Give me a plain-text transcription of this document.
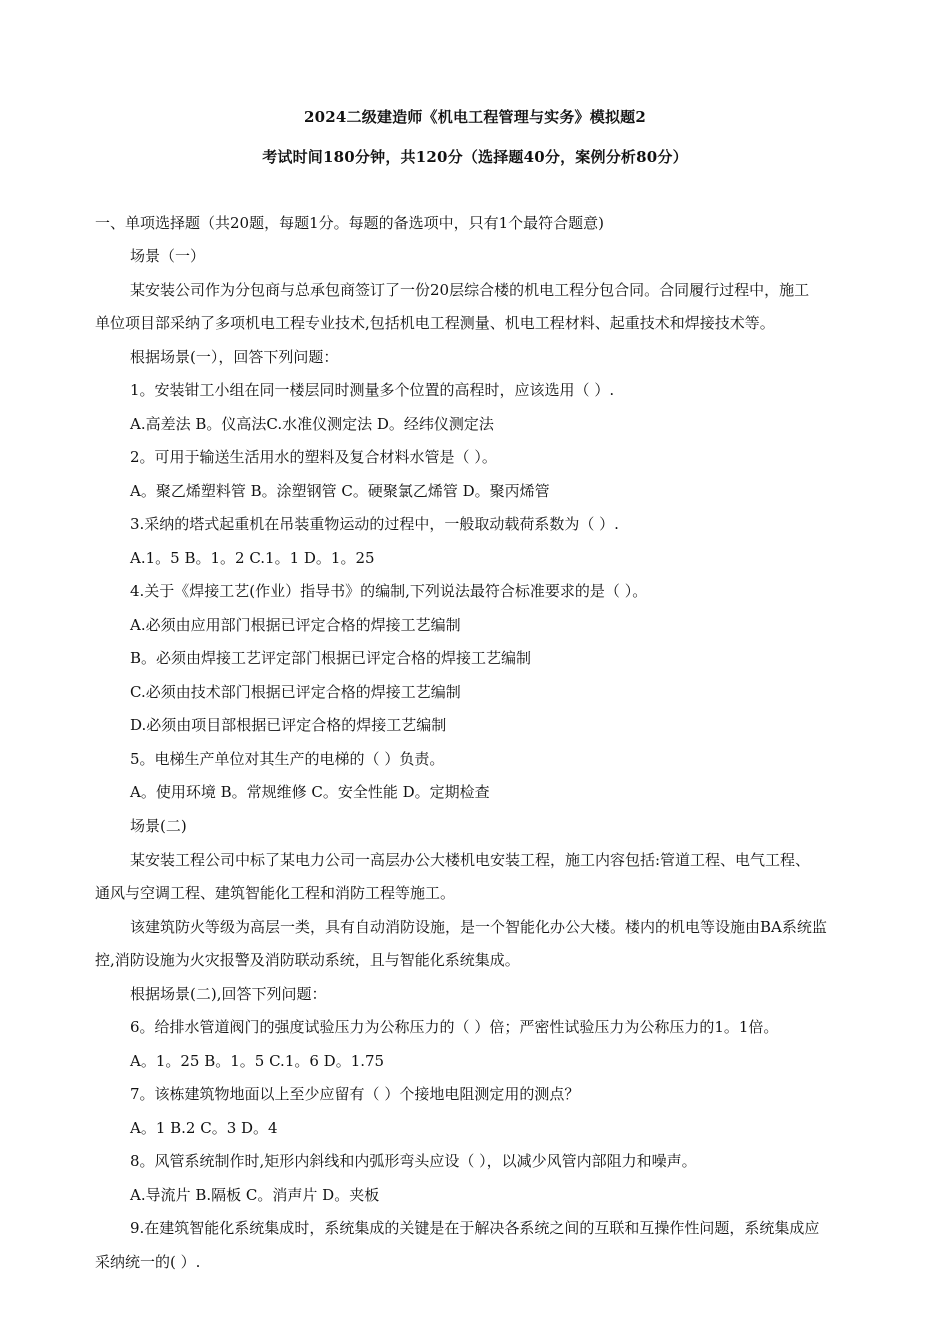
2024二级建造师《机电工程管理与实务》模拟题2
考试时间180分钟，共120分（选择题40分，案例分析80分）
一、单项选择题（共20题，每题1分。每题的备选项中，只有1个最符合题意)
场景（一）
某安装公司作为分包商与总承包商签订了一份20层综合楼的机电工程分包合同。合同履行过程中，施工
单位项目部采纳了多项机电工程专业技术,包括机电工程测量、机电工程材料、起重技术和焊接技术等。
根据场景(一），回答下列问题：
1。安装钳工小组在同一楼层同时测量多个位置的高程时，应该选用（ ）.
A.高差法 B。仪高法C.水准仪测定法 D。经纬仪测定法
2。可用于输送生活用水的塑料及复合材料水管是（ ）。
A。聚乙烯塑料管 B。涂塑钢管 C。硬聚氯乙烯管 D。聚丙烯管
3.采纳的塔式起重机在吊装重物运动的过程中，一般取动载荷系数为（ ）.
A.1。5 B。1。2 C.1。1 D。1。25
4.关于《焊接工艺(作业）指导书》的编制,下列说法最符合标准要求的是（ ）。
A.必须由应用部门根据已评定合格的焊接工艺编制
B。必须由焊接工艺评定部门根据已评定合格的焊接工艺编制
C.必须由技术部门根据已评定合格的焊接工艺编制
D.必须由项目部根据已评定合格的焊接工艺编制
5。电梯生产单位对其生产的电梯的（ ）负责。
A。使用环境 B。常规维修 C。安全性能 D。定期检查
场景(二)
某安装工程公司中标了某电力公司一高层办公大楼机电安装工程，施工内容包括:管道工程、电气工程、
通风与空调工程、建筑智能化工程和消防工程等施工。
该建筑防火等级为高层一类，具有自动消防设施，是一个智能化办公大楼。楼内的机电等设施由BA系统监
控,消防设施为火灾报警及消防联动系统，且与智能化系统集成。
根据场景(二),回答下列问题：
6。给排水管道阀门的强度试验压力为公称压力的（ ）倍；严密性试验压力为公称压力的1。1倍。
A。1。25 B。1。5 C.1。6 D。1.75
7。该栋建筑物地面以上至少应留有（ ）个接地电阻测定用的测点？
A。1 B.2 C。3 D。4
8。风管系统制作时,矩形内斜线和内弧形弯头应设（ ），以减少风管内部阻力和噪声。
A.导流片 B.隔板 C。消声片 D。夹板
9.在建筑智能化系统集成时，系统集成的关键是在于解决各系统之间的互联和互操作性问题，系统集成应
采纳统一的( ）.
